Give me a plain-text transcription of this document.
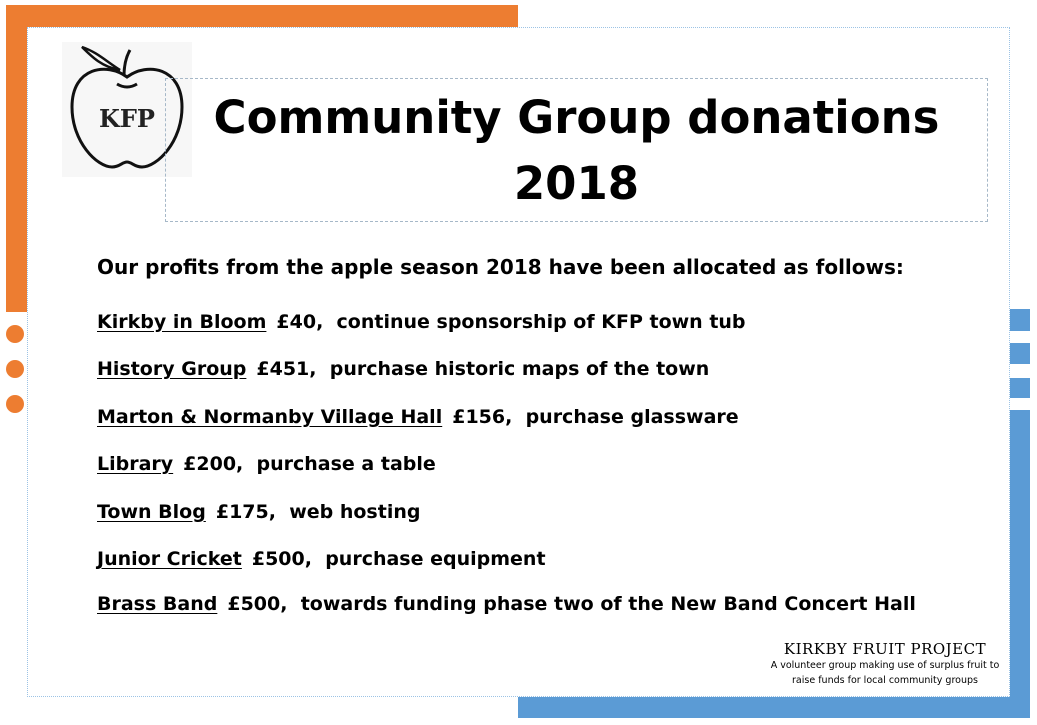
KFP	Community Group donations
2018
Our profits from the apple season 2018 have been allocated as follows:
Kirkby in Bloom £40, continue sponsorship of KFP town tub
History Group £451, purchase historic maps of the town
Marton & Normanby Village Hall £156, purchase glassware
Library £200, purchase a table
Town Blog £175, web hosting
Junior Cricket £500, purchase equipment
Brass Band £500, towards funding phase two of the New Band Concert Hall
KIRKBY FRUIT PROJECT
A volunteer group making use of surplus fruit to
raise funds for local community groups
